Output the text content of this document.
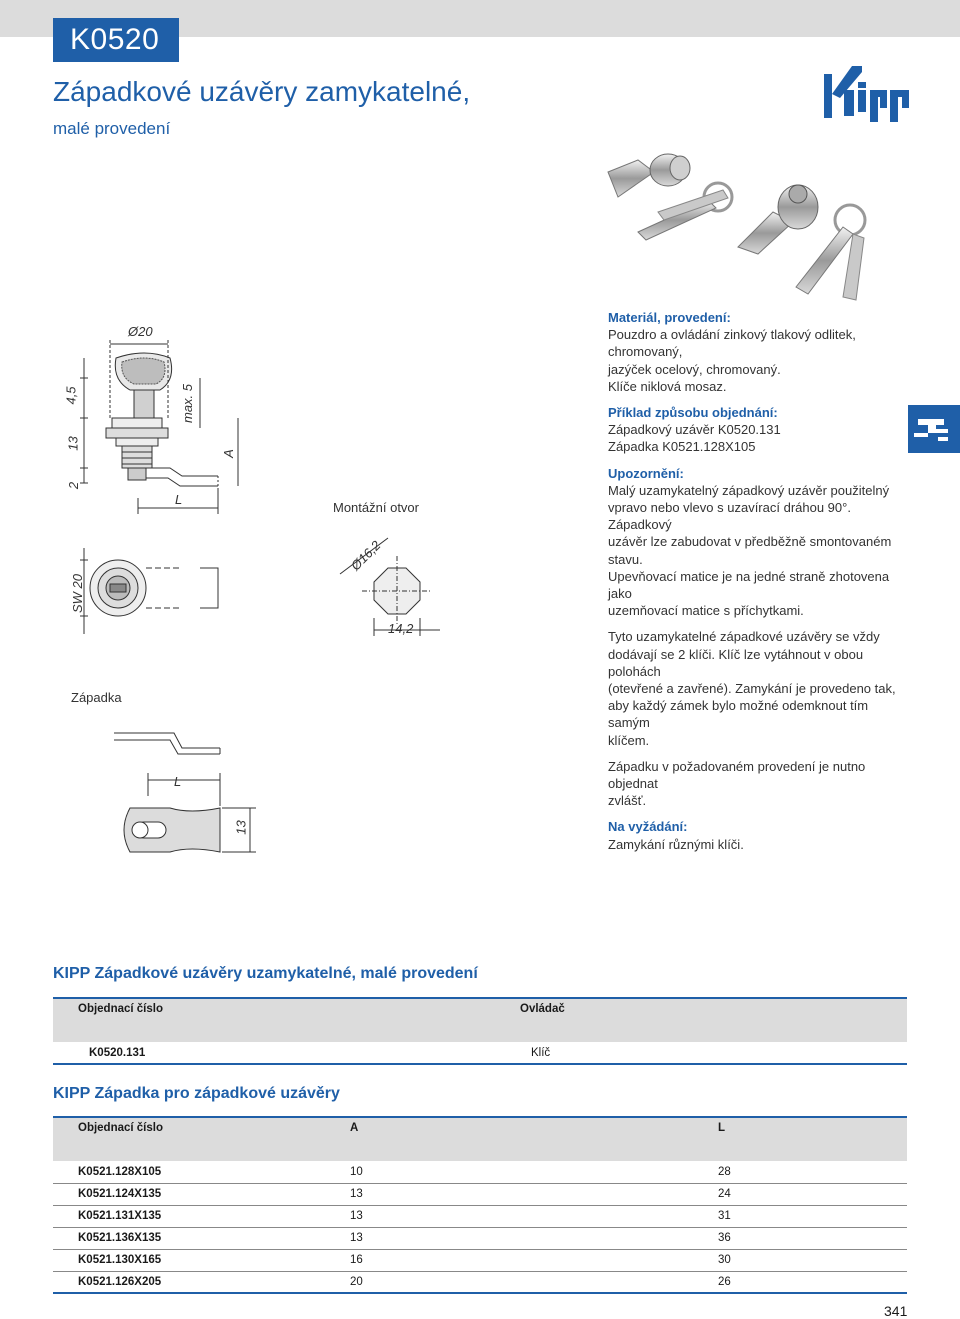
K0520
Západkové uzávěry zamykatelné,
malé provedení
Ø20
4,5
13
2
max. 5
A
L
SW 20
Montážní otvor
Ø16,2
14,2
Západka
L
13

Materiál, provedení:

Pouzdro a ovládání zinkový tlakový odlitek,

chromovaný,

jazýček ocelový, chromovaný.

Klíče niklová mosaz.

Příklad způsobu objednání:

Západkový uzávěr K0520.131

Západka K0521.128X105

Upozornění:

Malý uzamykatelný západkový uzávěr použitelný

vpravo nebo vlevo s uzavírací dráhou 90°. Západkový

uzávěr lze zabudovat v předběžně smontovaném stavu.

Upevňovací matice je na jedné straně zhotovena jako

uzemňovací matice s příchytkami.

Tyto uzamykatelné západkové uzávěry se vždy

dodávají se 2 klíči. Klíč lze vytáhnout v obou polohách

(otevřené a zavřené). Zamykání je provedeno tak,

aby každý zámek bylo možné odemknout tím samým

klíčem.

Západku v požadovaném provedení je nutno objednat

zvlášť.

Na vyžádání:

Zamykání různými klíči.

KIPP Západkové uzávěry uzamykatelné, malé provedení
Objednací číslo	Ovládač
K0520.131	Klíč
KIPP Západka pro západkové uzávěry
Objednací číslo	A	L
K0521.128X105	10	28
K0521.124X135	13	24
K0521.131X135	13	31
K0521.136X135	13	36
K0521.130X165	16	30
K0521.126X205	20	26
341
